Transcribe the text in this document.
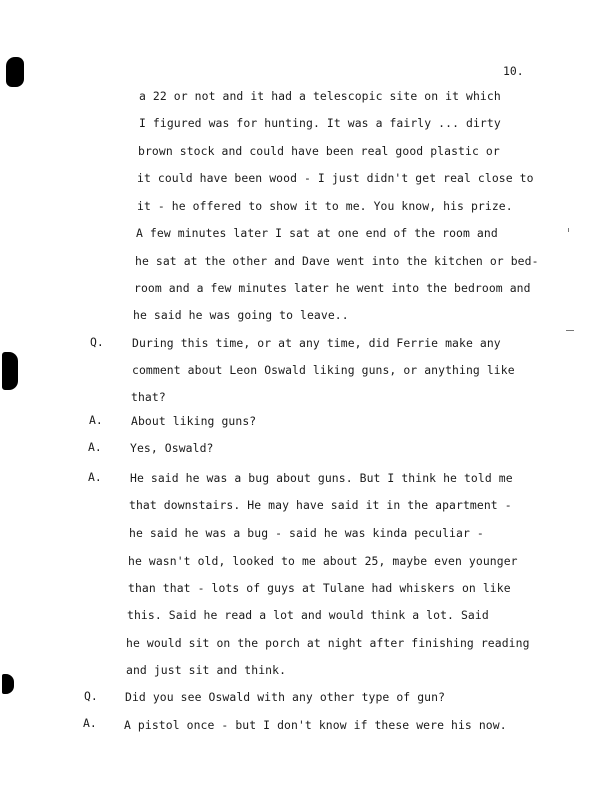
10.
a 22 or not and it had a telescopic site on it which
I figured was for hunting. It was a fairly ... dirty
brown stock and could have been real good plastic or
it could have been wood - I just didn't get real close to
it - he offered to show it to me. You know, his prize.
A few minutes later I sat at one end of the room and
he sat at the other and Dave went into the kitchen or bed-
room and a few minutes later he went into the bedroom and
he said he was going to leave..
Q. During this time, or at any time, did Ferrie make any
comment about Leon Oswald liking guns, or anything like
that?
A. About liking guns?
A. Yes, Oswald?
A. He said he was a bug about guns. But I think he told me
that downstairs. He may have said it in the apartment -
he said he was a bug - said he was kinda peculiar -
he wasn't old, looked to me about 25, maybe even younger
than that - lots of guys at Tulane had whiskers on like
this. Said he read a lot and would think a lot. Said
he would sit on the porch at night after finishing reading
and just sit and think.
Q. Did you see Oswald with any other type of gun?
A. A pistol once - but I don't know if these were his now.
